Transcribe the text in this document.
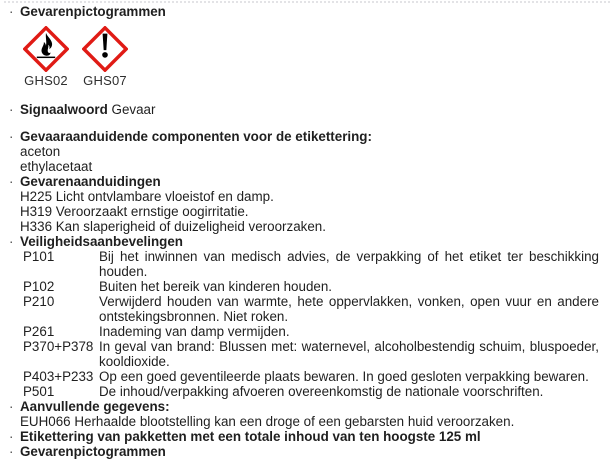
· Gevarenpictogrammen
GHS02 GHS07
· Signaalwoord Gevaar
· Gevaaraanduidende componenten voor de etikettering:
aceton
ethylacetaat
· Gevarenaanduidingen
H225 Licht ontvlambare vloeistof en damp.
H319 Veroorzaakt ernstige oogirritatie.
H336 Kan slaperigheid of duizeligheid veroorzaken.
· Veiligheidsaanbevelingen
P101	Bij het inwinnen van medisch advies, de verpakking of het etiket ter beschikking houden.
P102	Buiten het bereik van kinderen houden.
P210	Verwijderd houden van warmte, hete oppervlakken, vonken, open vuur en andere ontstekingsbronnen. Niet roken.
P261	Inademing van damp vermijden.
P370+P378 In geval van brand: Blussen met: waternevel, alcoholbestendig schuim, bluspoeder, kooldioxide.
P403+P233 Op een goed geventileerde plaats bewaren. In goed gesloten verpakking bewaren.
P501	De inhoud/verpakking afvoeren overeenkomstig de nationale voorschriften.
· Aanvullende gegevens:
EUH066 Herhaalde blootstelling kan een droge of een gebarsten huid veroorzaken.
· Etikettering van pakketten met een totale inhoud van ten hoogste 125 ml
· Gevarenpictogrammen
